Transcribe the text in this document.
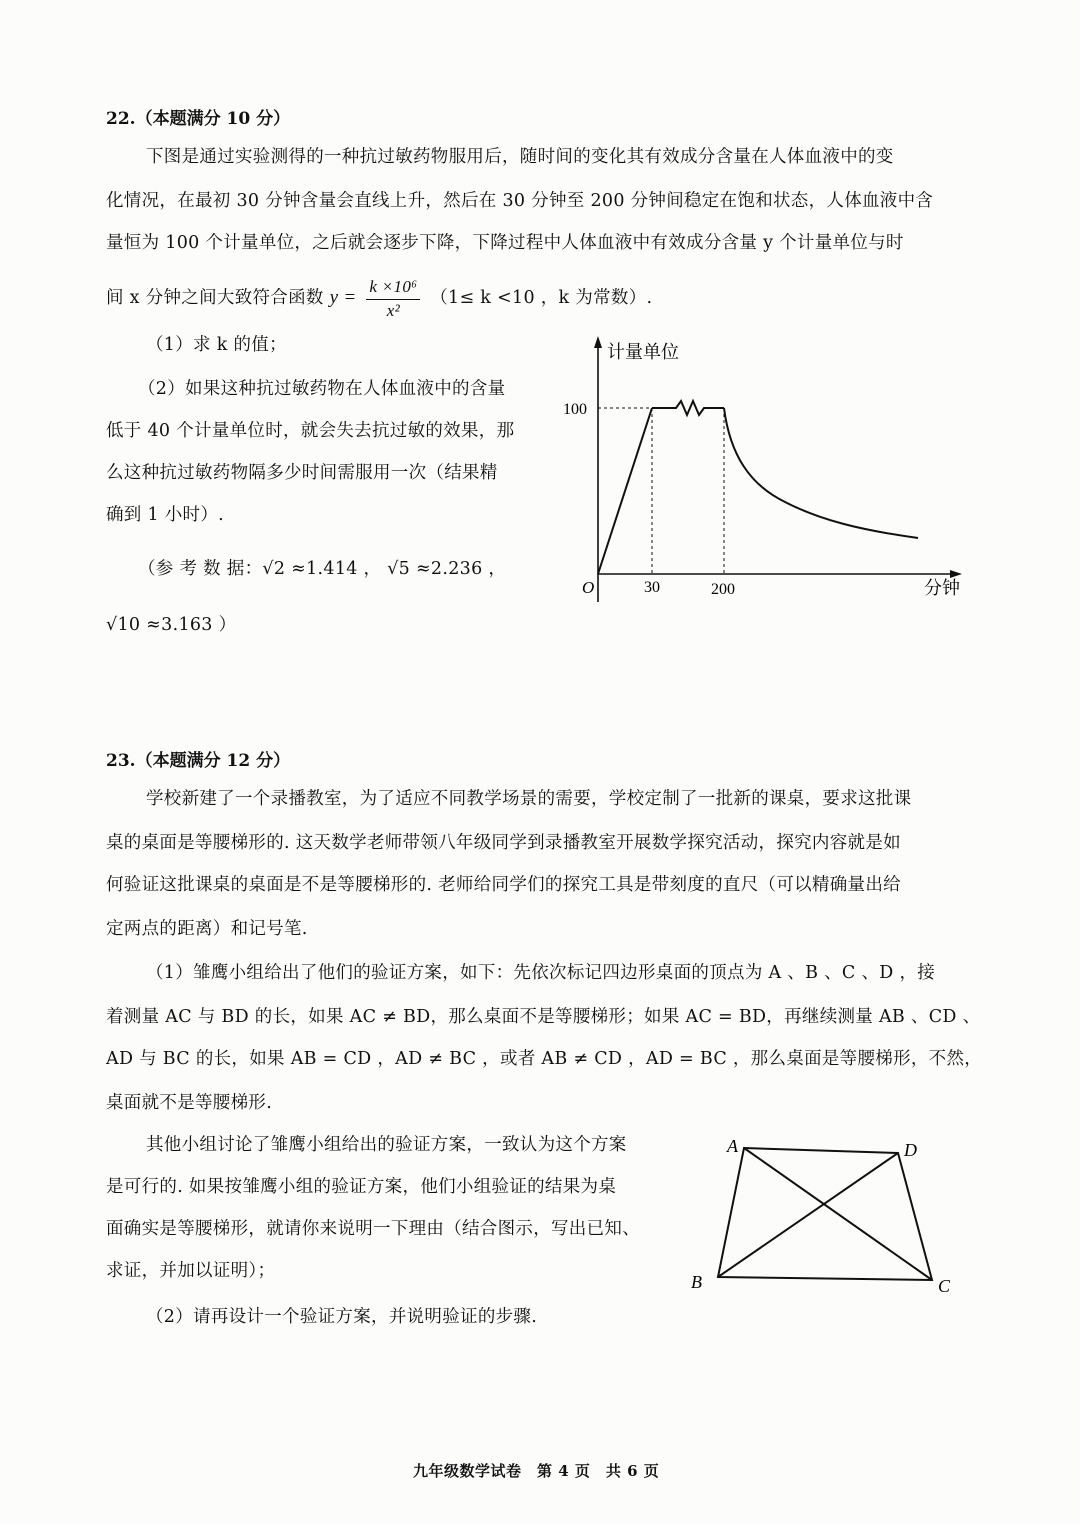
22.（本题满分 10 分）
下图是通过实验测得的一种抗过敏药物服用后，随时间的变化其有效成分含量在人体血液中的变
化情况，在最初 30 分钟含量会直线上升，然后在 30 分钟至 200 分钟间稳定在饱和状态，人体血液中含
量恒为 100 个计量单位，之后就会逐步下降，下降过程中人体血液中有效成分含量 y 个计量单位与时
间 x 分钟之间大致符合函数 $y = \frac{\text{k ×10⁶}}{\text{x²}} (1\le k <10$ ，k 为常数）.
（1）求 k 的值；
（2）如果这种抗过敏药物在人体血液中的含量
低于 40 个计量单位时，就会失去抗过敏的效果，那
么这种抗过敏药物隔多少时间需服用一次（结果精
确到 1 小时）.
（参 考 数 据：√2 ≈1.414 ， √5 ≈2.236 ，
√10 ≈3.163 ）
计量单位
100
O	30	200	分钟
23.（本题满分 12 分）
学校新建了一个录播教室，为了适应不同教学场景的需要，学校定制了一批新的课桌，要求这批课
桌的桌面是等腰梯形的. 这天数学老师带领八年级同学到录播教室开展数学探究活动，探究内容就是如
何验证这批课桌的桌面是不是等腰梯形的. 老师给同学们的探究工具是带刻度的直尺（可以精确量出给
定两点的距离）和记号笔.
（1）雏鹰小组给出了他们的验证方案，如下：先依次标记四边形桌面的顶点为 A 、B 、C 、D ，接
着测量 AC 与 BD 的长，如果 AC ≠ BD，那么桌面不是等腰梯形；如果 AC = BD，再继续测量 AB 、CD 、
AD 与 BC 的长，如果 AB = CD ，AD ≠ BC ，或者 AB ≠ CD ，AD = BC ，那么桌面是等腰梯形，不然，
桌面就不是等腰梯形.
其他小组讨论了雏鹰小组给出的验证方案，一致认为这个方案
是可行的. 如果按雏鹰小组的验证方案，他们小组验证的结果为桌
面确实是等腰梯形，就请你来说明一下理由（结合图示，写出已知、
求证，并加以证明）；
（2）请再设计一个验证方案，并说明验证的步骤.
A	D
B	C
九年级数学试卷　第 4 页　共 6 页
